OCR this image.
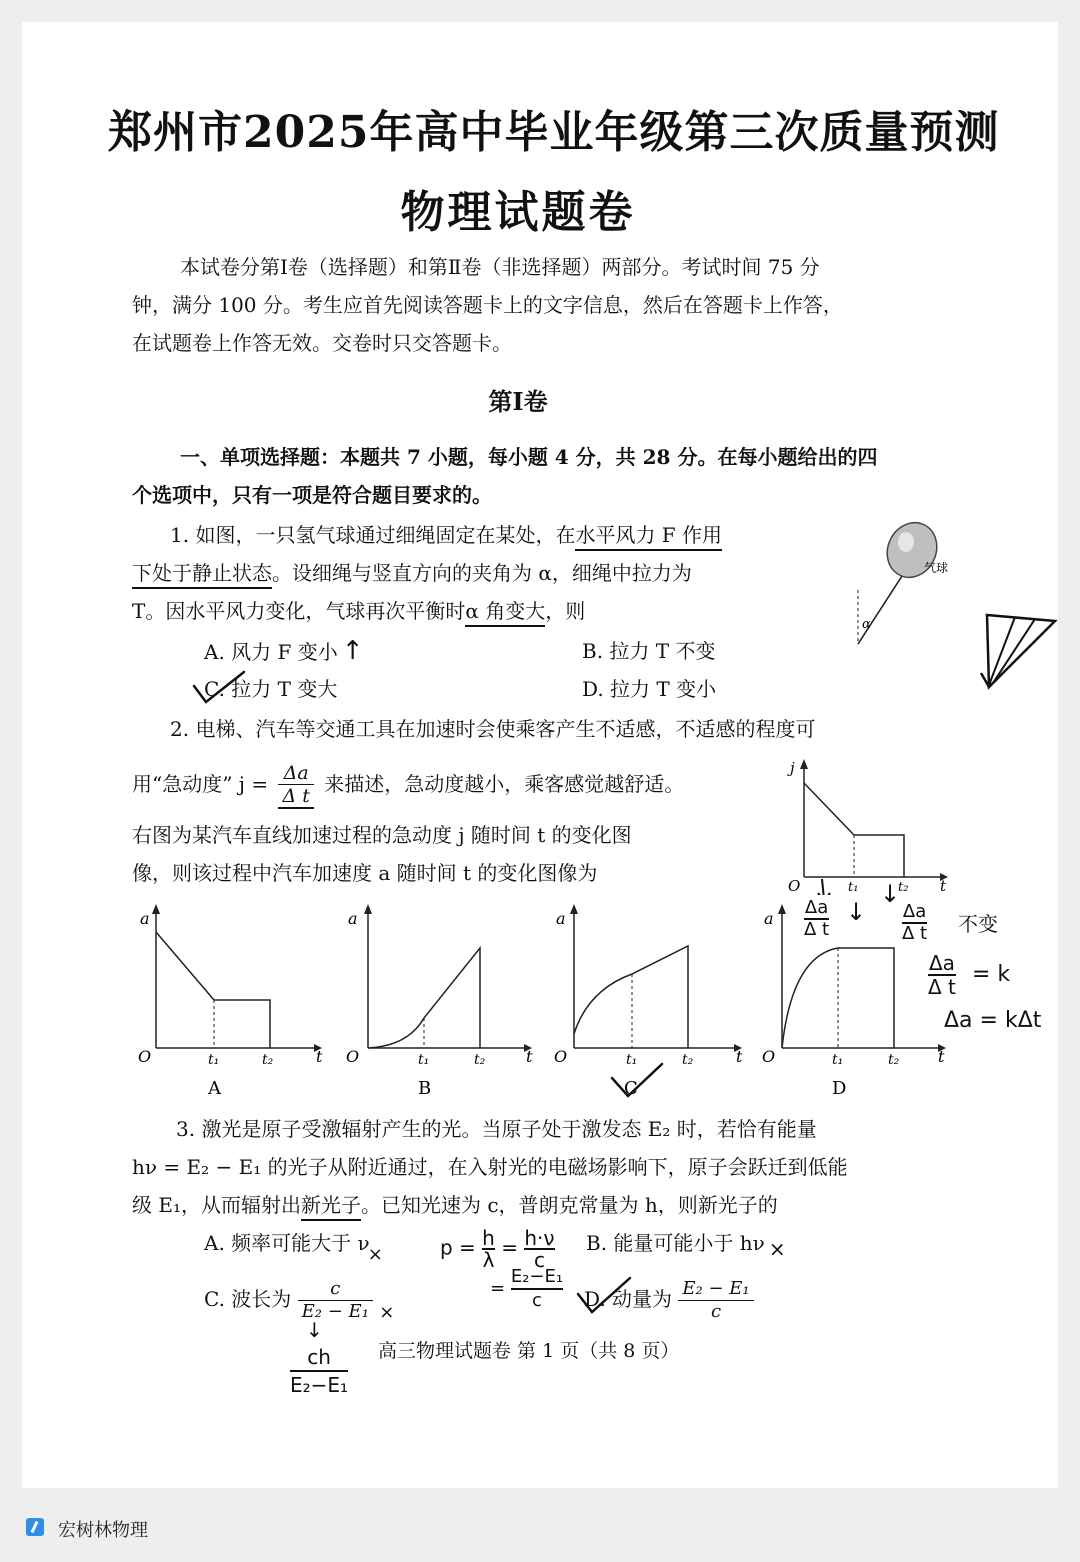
郑州市2025年高中毕业年级第三次质量预测
物理试题卷
本试卷分第Ⅰ卷（选择题）和第Ⅱ卷（非选择题）两部分。考试时间 75 分
钟，满分 100 分。考生应首先阅读答题卡上的文字信息，然后在答题卡上作答，
在试题卷上作答无效。交卷时只交答题卡。
第Ⅰ卷
一、单项选择题：本题共 7 小题，每小题 4 分，共 28 分。在每小题给出的四
个选项中，只有一项是符合题目要求的。
1. 如图，一只氢气球通过细绳固定在某处，在水平风力 F 作用
下处于静止状态。设细绳与竖直方向的夹角为 α，细绳中拉力为
T。因水平风力变化，气球再次平衡时α 角变大，则
A. 风力 F 变小 ↑	B. 拉力 T 不变
C. 拉力 T 变大	D. 拉力 T 变小
α
气球
2. 电梯、汽车等交通工具在加速时会使乘客产生不适感，不适感的程度可
用“急动度” $j = \frac{\Delta a}{\text{Δ t}}$ 来描述，急动度越小，乘客感觉越舒适。
右图为某汽车直线加速过程的急动度 j 随时间 t 的变化图
像，则该过程中汽车加速度 a 随时间 t 的变化图像为
j
O	t₁	t₂ t
$\frac{\Delta a}{\text{Δ t}}$ ↓
↓
$\frac{\Delta a}{\text{Δ t}}$ 不变
$\frac{\Delta a}{\text{Δ t}} = k$
Δa = kΔt
a
O	t₁	t₂	t
A
a
O	t₁	t₂	t
B
a
O	t₁	t₂	t
C
a
O	t₁	t₂ t
D
3. 激光是原子受激辐射产生的光。当原子处于激发态 E₂ 时，若恰有能量
hν = E₂ − E₁ 的光子从附近通过，在入射光的电磁场影响下，原子会跃迁到低能
级 E₁，从而辐射出新光子。已知光速为 c，普朗克常量为 h，则新光子的
A. 频率可能大于 ν×	B. 能量可能小于 hν ×
$p = \frac{h}{\lambda} = \frac{h\cdot\nu}{c}$
C. 波长为 $\frac{c}{\text{E₂ − E₁}}$ ×
= $\frac{\text{E₂−E₁}}{c} D$. 动量为 $\frac{\text{E₂ − E₁}}{c}$
↓
ch
E₂−E₁
高三物理试题卷 第 1 页（共 8 页）
宏树林物理
